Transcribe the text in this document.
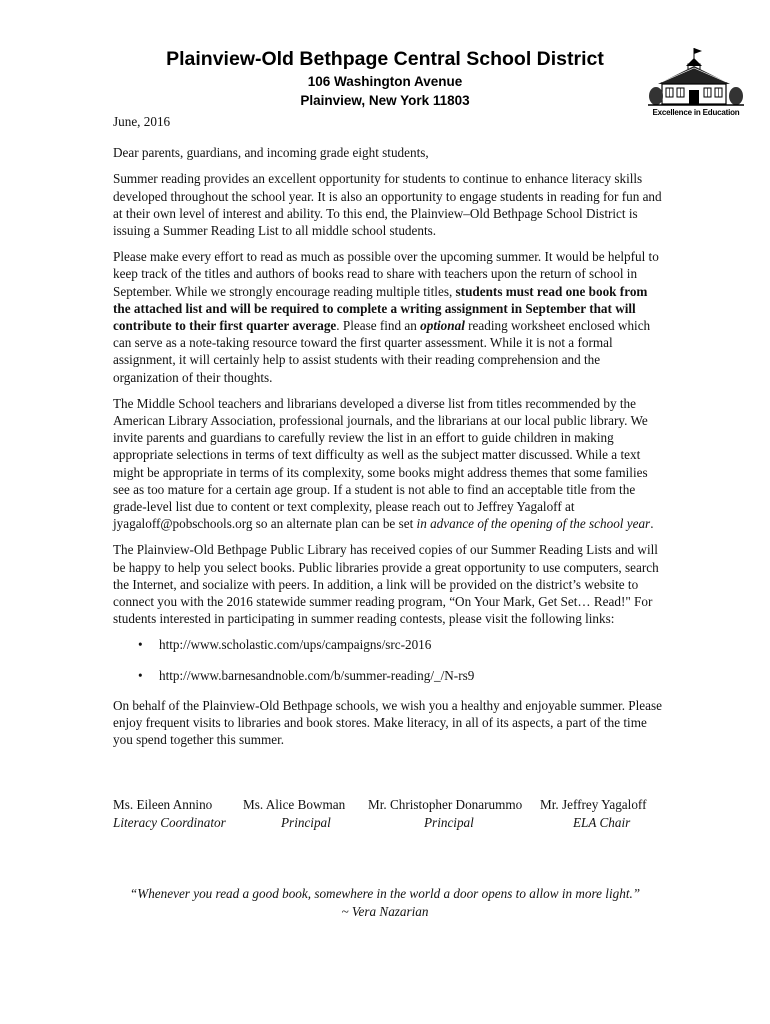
Plainview-Old Bethpage Central School District
106 Washington Avenue
Plainview, New York 11803
Excellence in Education

June, 2016

Dear parents, guardians, and incoming grade eight students,

Summer reading provides an excellent opportunity for students to continue to enhance literacy skills developed throughout the school year. It is also an opportunity to engage students in reading for fun and at their own level of interest and ability. To this end, the Plainview–Old Bethpage School District is issuing a Summer Reading List to all middle school students.

Please make every effort to read as much as possible over the upcoming summer. It would be helpful to keep track of the titles and authors of books read to share with teachers upon the return of school in September. While we strongly encourage reading multiple titles, students must read one book from the attached list and will be required to complete a writing assignment in September that will contribute to their first quarter average. Please find an optional reading worksheet enclosed which can serve as a note-taking resource toward the first quarter assessment. While it is not a formal assignment, it will certainly help to assist students with their reading comprehension and the organization of their thoughts.

The Middle School teachers and librarians developed a diverse list from titles recommended by the American Library Association, professional journals, and the librarians at our local public library. We invite parents and guardians to carefully review the list in an effort to guide children in making appropriate selections in terms of text difficulty as well as the subject matter discussed. While a text might be appropriate in terms of its complexity, some books might address themes that some families see as too mature for a certain age group. If a student is not able to find an acceptable title from the grade-level list due to content or text complexity, please reach out to Jeffrey Yagaloff at jyagaloff@pobschools.org so an alternate plan can be set in advance of the opening of the school year.

The Plainview-Old Bethpage Public Library has received copies of our Summer Reading Lists and will be happy to help you select books. Public libraries provide a great opportunity to use computers, search the Internet, and socialize with peers. In addition, a link will be provided on the district’s website to connect you with the 2016 statewide summer reading program, “On Your Mark, Get Set… Read!" For students interested in participating in summer reading contests, please visit the following links:

• http://www.scholastic.com/ups/campaigns/src-2016
• http://www.barnesandnoble.com/b/summer-reading/_/N-rs9

On behalf of the Plainview-Old Bethpage schools, we wish you a healthy and enjoyable summer. Please enjoy frequent visits to libraries and book stores. Make literacy, in all of its aspects, a part of the time you spend together this summer.

Ms. Eileen Annino
Literacy Coordinator
Ms. Alice Bowman
Principal
Mr. Christopher Donarummo
Principal
Mr. Jeffrey Yagaloff
ELA Chair
“Whenever you read a good book, somewhere in the world a door opens to allow in more light.”
~ Vera Nazarian
